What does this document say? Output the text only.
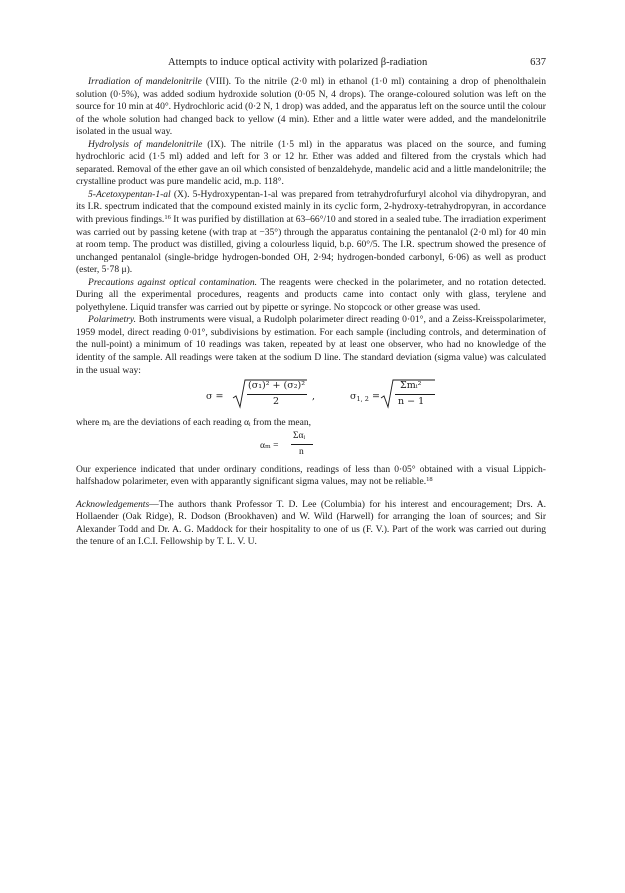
Attempts to induce optical activity with polarized β-radiation	637

Irradiation of mandelonitrile (VIII). To the nitrile (2·0 ml) in ethanol (1·0 ml) containing a drop of phenolthalein solution (0·5%), was added sodium hydroxide solution (0·05 N, 4 drops). The orange-coloured solution was left on the source for 10 min at 40°. Hydrochloric acid (0·2 N, 1 drop) was added, and the apparatus left on the source until the colour of the whole solution had changed back to yellow (4 min). Ether and a little water were added, and the mandelonitrile isolated in the usual way.

Hydrolysis of mandelonitrile (IX). The nitrile (1·5 ml) in the apparatus was placed on the source, and fuming hydrochloric acid (1·5 ml) added and left for 3 or 12 hr. Ether was added and filtered from the crystals which had separated. Removal of the ether gave an oil which consisted of benzaldehyde, mandelic acid and a little mandelonitrile; the crystalline product was pure mandelic acid, m.p. 118°.

5-Acetoxypentan-1-al (X). 5-Hydroxypentan-1-al was prepared from tetrahydrofurfuryl alcohol via dihydropyran, and its I.R. spectrum indicated that the compound existed mainly in its cyclic form, 2-hydroxy-tetrahydropyran, in accordance with previous findings.$^{16}$ It was purified by distillation at 63–66°/10 and stored in a sealed tube. The irradiation experiment was carried out by passing ketene (with trap at −35°) through the apparatus containing the pentanalol (2·0 ml) for 40 min at room temp. The product was distilled, giving a colourless liquid, b.p. 60°/5. The I.R. spectrum showed the presence of unchanged pentanalol (single-bridge hydrogen-bonded OH, 2·94; hydrogen-bonded carbonyl, 6·06) as well as product (ester, 5·78 μ).

Precautions against optical contamination. The reagents were checked in the polarimeter, and no rotation detected. During all the experimental procedures, reagents and products came into contact only with glass, terylene and polyethylene. Liquid transfer was carried out by pipette or syringe. No stopcock or other grease was used.

Polarimetry. Both instruments were visual, a Rudolph polarimeter direct reading 0·01°, and a Zeiss-Kreisspolarimeter, 1959 model, direct reading 0·01°, subdivisions by estimation. For each sample (including controls, and determination of the null-point) a minimum of 10 readings was taken, repeated by at least one observer, who had no knowledge of the identity of the sample. All readings were taken at the sodium D line. The standard deviation (sigma value) was calculated in the usual way:

σ =
(σ₁)² + (σ₂)²
2	,	$\sigma_{1, 2}$ =
Σmᵢ²
n − 1

where mᵢ are the deviations of each reading αᵢ from the mean,

αₘ =
Σαᵢ
n

Our experience indicated that under ordinary conditions, readings of less than 0·05° obtained with a visual Lippich-halfshadow polarimeter, even with apparantly significant sigma values, may not be reliable.$^{18}$

Acknowledgements—The authors thank Professor T. D. Lee (Columbia) for his interest and encouragement; Drs. A. Hollaender (Oak Ridge), R. Dodson (Brookhaven) and W. Wild (Harwell) for arranging the loan of sources; and Sir Alexander Todd and Dr. A. G. Maddock for their hospitality to one of us (F. V.). Part of the work was carried out during the tenure of an I.C.I. Fellowship by T. L. V. U.
